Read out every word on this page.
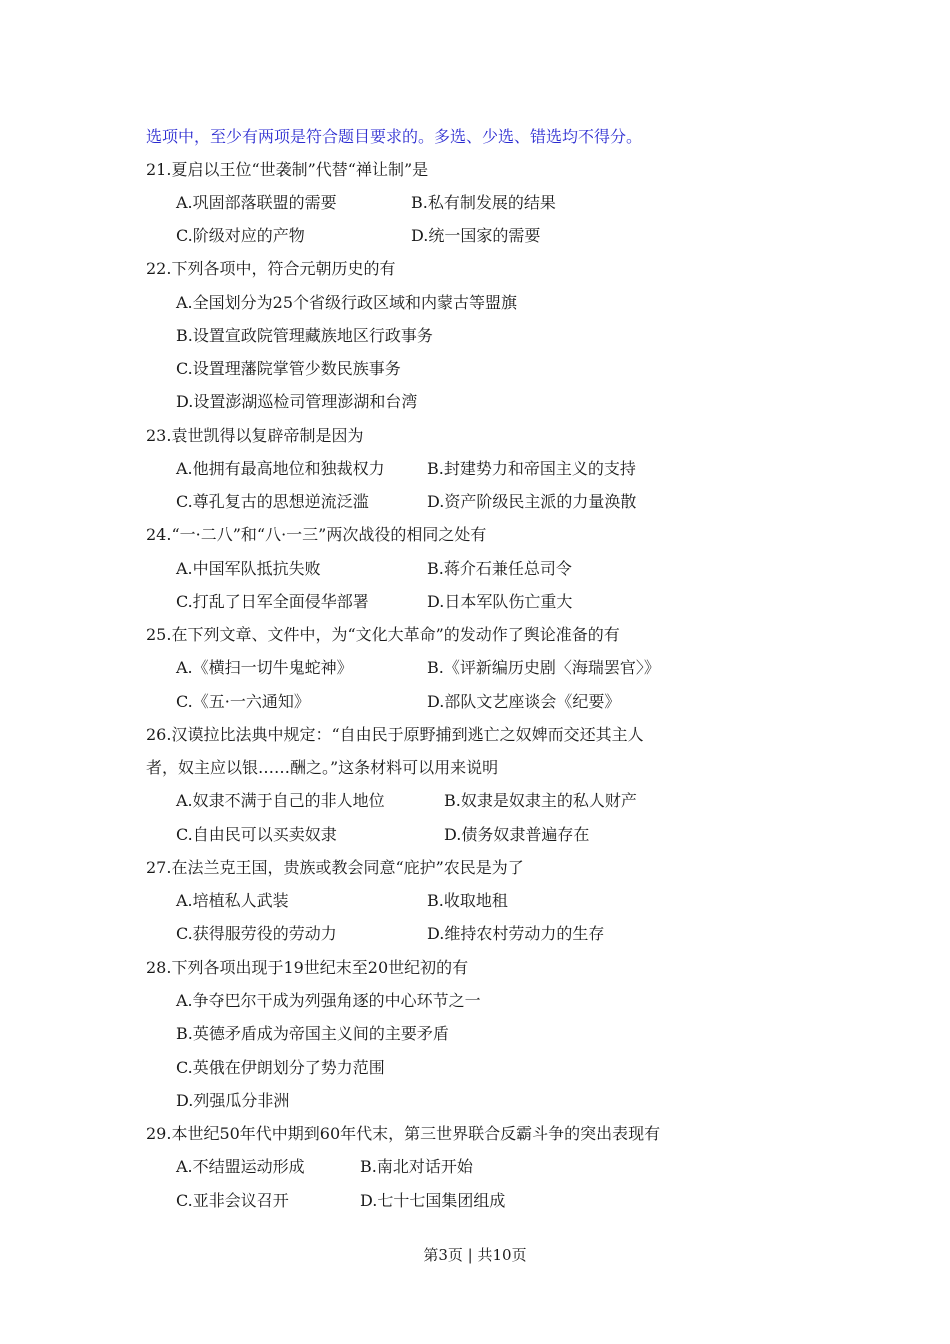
选项中，至少有两项是符合题目要求的。多选、少选、错选均不得分。
21.夏启以王位“世袭制”代替“禅让制”是
A.巩固部落联盟的需要	B.私有制发展的结果
C.阶级对应的产物	D.统一国家的需要
22.下列各项中，符合元朝历史的有
A.全国划分为25个省级行政区域和内蒙古等盟旗
B.设置宣政院管理藏族地区行政事务
C.设置理藩院掌管少数民族事务
D.设置澎湖巡检司管理澎湖和台湾
23.袁世凯得以复辟帝制是因为
A.他拥有最高地位和独裁权力	B.封建势力和帝国主义的支持
C.尊孔复古的思想逆流泛滥	D.资产阶级民主派的力量涣散
24.“一·二八”和“八·一三”两次战役的相同之处有
A.中国军队抵抗失败	B.蒋介石兼任总司令
C.打乱了日军全面侵华部署	D.日本军队伤亡重大
25.在下列文章、文件中，为“文化大革命”的发动作了舆论准备的有
A.《横扫一切牛鬼蛇神》	B.《评新编历史剧〈海瑞罢官〉》
C.《五·一六通知》	D.部队文艺座谈会《纪要》
26.汉谟拉比法典中规定：“自由民于原野捕到逃亡之奴婢而交还其主人
者，奴主应以银……酬之。”这条材料可以用来说明
A.奴隶不满于自己的非人地位	B.奴隶是奴隶主的私人财产
C.自由民可以买卖奴隶	D.债务奴隶普遍存在
27.在法兰克王国，贵族或教会同意“庇护”农民是为了
A.培植私人武装	B.收取地租
C.获得服劳役的劳动力	D.维持农村劳动力的生存
28.下列各项出现于19世纪末至20世纪初的有
A.争夺巴尔干成为列强角逐的中心环节之一
B.英德矛盾成为帝国主义间的主要矛盾
C.英俄在伊朗划分了势力范围
D.列强瓜分非洲
29.本世纪50年代中期到60年代末，第三世界联合反霸斗争的突出表现有
A.不结盟运动形成	B.南北对话开始
C.亚非会议召开	D.七十七国集团组成
第3页 | 共10页
